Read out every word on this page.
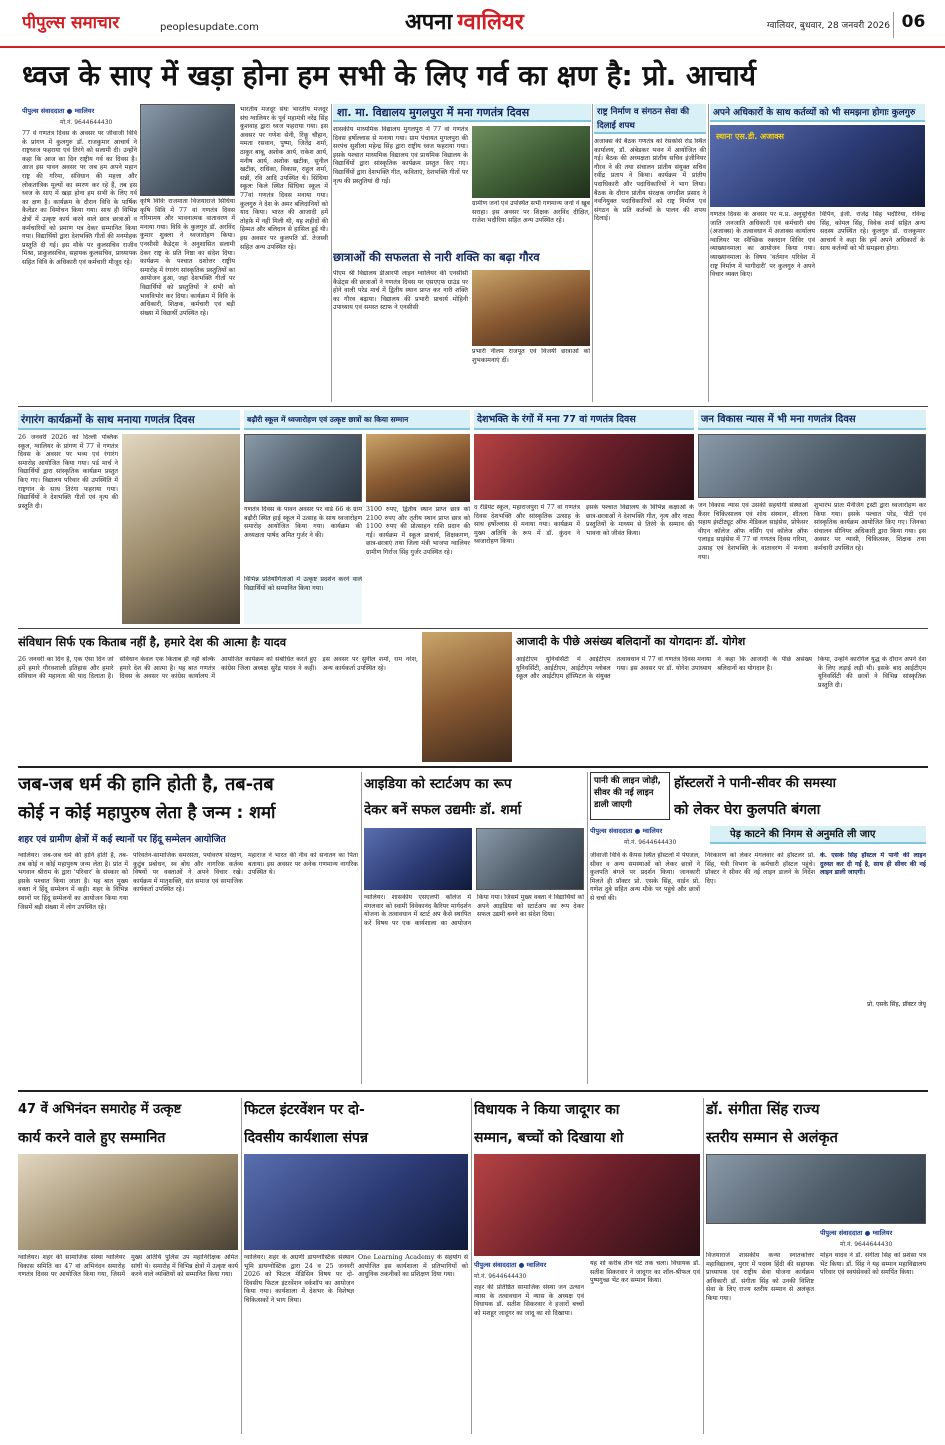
पीपुल्स समाचार	peoplesupdate.com	अपना ग्वालियर	ग्वालियर, बुधवार, 28 जनवरी 2026 06
ध्वज के साए में खड़ा होना हम सभी के लिए गर्व का क्षण है: प्रो. आचार्य
पीपुल्स संवाददाता ● ग्वालियर
मो.नं. 9644644430
77 वें गणतंत्र दिवस के अवसर पर जीवाजी विवि के प्रांगण में कुलगुरु डॉ. राजकुमार आचार्य ने राष्ट्रध्वज फहराया एवं तिरंगे को सलामी दी। उन्होंने कहा कि आज का दिन राष्ट्रीय गर्व का दिवस है। आज इस पावन अवसर पर जब हम अपने महान राष्ट्र की गरिमा, संविधान की महत्ता और लोकतांत्रिक मूल्यों का स्मरण कर रहे हैं, तब इस ध्वज के साए में खड़ा होना हम सभी के लिए गर्व का क्षण है। कार्यक्रम के दौरान विवि के पार्षिक कैलेंडर का विमोचन किया गया। साथ ही विभिन्न क्षेत्रों में उत्कृष्ट कार्य करने वाले छात्र छात्राओं व कर्मचारियों को प्रमाण पत्र देकर सम्मानित किया गया। विद्यार्थियों द्वारा देशभक्ति गीतों की मनमोहक प्रस्तुति दी गई। इस मौके पर कुलसचिव राजीव मिश्रा, प्राकुलसचिव, सहायक कुलसचिव, प्राध्यापक सहित विवि के अधिकारी एवं कर्मचारी मौजूद रहे।
कृषि विविः राजमाता विजयाराजे सिंधिया कृषि विवि में 77 वां गणतंत्र दिवस गरिमामय और भावनात्मक वातावरण में मनाया गया। विवि के कुलगुरु डॉ. अरविंद कुमार शुक्ला ने ध्वजारोहण किया। एनसीसी कैडेट्स ने अनुशासित सलामी देकर राष्ट्र के प्रति निष्ठा का संदेश दिया। कार्यक्रम के पश्चात दशोत्तर राष्ट्रीय समारोह में रंगारंग सांस्कृतिक प्रस्तुतियों का आयोजन हुआ, जहां देशभक्ति गीतों पर विद्यार्थियों को प्रस्तुतियों ने सभी को भावविभोर कर दिया। कार्यक्रम में विवि के अधिकारी, शिक्षक, कर्मचारी एवं बड़ी संख्या में विद्यार्थी उपस्थित रहे।
भारतीय मजदूर संघः भारतीय मजदूर संघ ग्वालियर के पूर्व महामंत्री नरेंद्र सिंह कुशवाह द्वारा ध्वज फहराया गया। इस अवसर पर गणेश सेनी, रिंकू चौहान, ममता रसवान, पुष्पा, जितेंद्र शर्मा, ठाकुर बाबू, अशोक आर्य, राकेश आर्य, मनीष आर्य, अशोक खटीक, सुनील खटीक, राधिका, विकास, राहुल शर्मा, सन्नी, रवि आदि उपस्थित थे। सिंधिया स्कूलः किले स्थित सिंधिया स्कूल में 77वां गणतंत्र दिवस मनाया गया। कुलगुरु ने देश के अमर बलिदानियों को याद किया। भारत की आजादी हमें तोहफ़े में नहीं मिली थी, यह शहीदों की हिम्मत और बलिदान से हासिल हुई थी। इस अवसर पर कुलपति डॉ. तेजस्वी सहित अन्य उपस्थित रहे।
शा. मा. विद्यालय मुगलपुरा में मना गणतंत्र दिवस
शासकीय माध्यमिक विद्यालय मुगलपुरा में 77 वां गणतंत्र दिवस हर्षोल्लास से मनाया गया। ग्राम पंचायत मुगलपुरा की सरपंच सुशीला महेन्द्र सिंह द्वारा राष्ट्रीय ध्वज फहराया गया। इसके पश्चात माध्यमिक विद्यालय एवं प्राथमिक विद्यालय के विद्यार्थियों द्वारा सांस्कृतिक कार्यक्रम प्रस्तुत किए गए। विद्यार्थियों द्वारा देशभक्ति गीत, कविताएं, देशभक्ति गीतों पर नृत्य की प्रस्तुतियां दी गईं।
ग्रामीण जनों एवं उपस्थित सभी गणमान्य जनों ने खूब सराहा। इस अवसर पर शिक्षक अरविंद दीक्षित, राजेश भदौरिया सहित अन्य उपस्थित रहे।
छात्राओं की सफलता से नारी शक्ति का बढ़ा गौरव
पीएम श्री विद्यालय डीआरपी लाइन ग्वालियर की एनसीसी कैडेट्स की छात्राओं ने गणतंत्र दिवस पर एसएएफ ग्राउंड पर होने वाली परेड मार्च में द्वितीय स्थान प्राप्त कर नारी शक्ति का गौरव बढ़ाया। विद्यालय की प्रभारी प्राचार्य मोहिनी उपाध्याय एवं समस्त स्टाफ ने एनसीसी
प्रभारी नीलम राजपूत एवं विजयी छात्राओं को शुभकामनाएं दीं।
राष्ट्र निर्माण व संगठन सेवा की दिलाई शपथ
अजाक्स की बैठक गणतंत्र को रेसकोर्स रोड स्थित कार्यालय, डॉ. अंबेडकर भवन में आयोजित की गई। बैठक की अध्यक्षता प्रांतीय सचिव इंजीनियर गौरव ने की तथा संचालन प्रांतीय संयुक्त सचिव रवींद्र प्रताप ने किया। कार्यक्रम में प्रांतीय पदाधिकारी और पदाधिकारियों ने भाग लिया। बैठक के दौरान प्रांतीय संरक्षक जगदीश प्रसाद ने नवनियुक्त पदाधिकारियों को राष्ट्र निर्माण एवं संगठन के प्रति कर्तव्यों के पालन की शपथ दिलाई।
अपने अधिकारों के साथ कर्तव्यों को भी समझना होगाः कुलगुरु
स्थानः एस.डी. अजाक्स
गणतंत्र दिवस के अवसर पर म.प्र. अनुसूचित जाति जनजाति अधिकारी एवं कर्मचारी संघ (अजाक्स) के तत्वावधान में अजाक्स कार्यालय ग्वालियर पर स्वैच्छिक रक्तदान शिविर एवं व्याख्यानमाला का आयोजन किया गया। व्याख्यानमाला के विषय 'वर्तमान परिवेश में राष्ट्र निर्माण में भागीदारी' पर कुलगुरु ने अपने विचार व्यक्त किए।
विपिन, इंजी. राजेंद्र सिंह भदौरिया, रविन्द्र सिंह, कोमल सिंह, विवेक शर्मा सहित अन्य सदस्य उपस्थित रहे। कुलगुरु डॉ. राजकुमार आचार्य ने कहा कि हमें अपने अधिकारों के साथ कर्तव्यों को भी समझना होगा।
रंगारंग कार्यक्रमों के साथ मनाया गणतंत्र दिवस
26 जनवरी 2026 को दिल्ली पब्लिक स्कूल, ग्वालियर के प्रांगण में 77 वें गणतंत्र दिवस के अवसर पर भव्य एवं रंगारंग समारोह आयोजित किया गया। पर्ड मार्च ने विद्यार्थियों द्वारा सांस्कृतिक कार्यक्रम प्रस्तुत किए गए। विद्यालय परिवार की उपस्थिति में राष्ट्रगान के साथ तिरंगा फहराया गया। विद्यार्थियों ने देशभक्ति गीतों एवं नृत्य की प्रस्तुति दी।
बढ़ौरी स्कूल में ध्वजारोहण एवं उत्कृष्ट छात्रों का किया सम्मान
गणतंत्र दिवस के पावन अवसर पर वार्ड 66 के ग्राम बढ़ौरी स्थित हाई स्कूल में उत्साह के साथ ध्वजारोहण समारोह आयोजित किया गया। कार्यक्रम की अध्यक्षता पार्षद अमित गुर्जर ने की।
3100 रुपए, द्वितीय स्थान प्राप्त छात्र को 2100 रुपए और तृतीय स्थान प्राप्त छात्र को 1100 रुपए की प्रोत्साहन राशि प्रदान की गई। कार्यक्रम में स्कूल प्राचार्य, शिक्षकगण, छात्र-छात्राएं तथा जिला मंत्री भाजपा ग्वालियर ग्रामीण गिर्राज सिंह गुर्जर उपस्थित रहे।
विभिन्न प्रतियोगिताओं में उत्कृष्ट प्रदर्शन करने वाले विद्यार्थियों को सम्मानित किया गया।
देशभक्ति के रंगों में मना 77 वां गणतंत्र दिवस
द रेडियंट स्कूल, महाराजपुरा में 77 वां गणतंत्र दिवस देशभक्ति और सांस्कृतिक उत्साह के साथ हर्षोल्लास से मनाया गया। कार्यक्रम में मुख्य अतिथि के रूप में डॉ. कुंदन ने ध्वजारोहण किया।
इसके पश्चात विद्यालय के विभिन्न कक्षाओं के छात्र-छात्राओं ने देशभक्ति गीत, नृत्य और नाट्य प्रस्तुतियों के माध्यम से तिरंगे के सम्मान की भावना को जीवंत किया।
जन विकास न्यास में भी मना गणतंत्र दिवस
जन विकास न्यास एवं उसकी सहयोगी संस्थाओं कैंसर चिकित्सालय एवं शोध संस्थान, शीतला सहाय इंस्टीट्यूट ऑफ मेडिकल साइंसेस, प्रोफेसर वीएन कॉलेज ऑफ नर्सिंग एवं कॉलेज ऑफ एलाइड साइंसेस में 77 वां गणतंत्र दिवस गरिमा, उत्साह एवं देशभक्ति के वातावरण में मनाया गया।
शुभारंभ प्रातः मैनेजिंग ट्रस्टी द्वारा ध्वजारोहण कर किया गया। इसके पश्चात परेड, पीटी एवं सांस्कृतिक कार्यक्रम आयोजित किए गए। जिनका संचालन सीनियर अधिकारी द्वारा किया गया। इस अवसर पर न्यासी, चिकित्सक, शिक्षक तथा कर्मचारी उपस्थित रहे।
संविधान सिर्फ एक किताब नहीं है, हमारे देश की आत्मा हैः यादव
26 जनवरी का दिन है, एक ऐसा दिन जो हमें हमारे गौरवशाली इतिहास और हमारे संविधान की महानता की याद दिलाता है। संविधान केवल एक किताब ही नहीं बल्कि हमारे देश की आत्मा है। यह बात गणतंत्र दिवस के अवसर पर कांग्रेस कार्यालय में आयोजित कार्यक्रम को संबोधित करते हुए कांग्रेस जिला अध्यक्ष सुरेंद्र यादव ने कही। इस अवसर पर सुनील शर्मा, राम नरेश, अन्य कार्यकर्ता उपस्थित रहे।
आजादी के पीछे असंख्य बलिदानों का योगदानः डॉ. योगेश
आईटीएम यूनिवर्सिटी में आईटीएम यूनिवर्सिटी, आईटीएम, आईटीएम ग्लोबल स्कूल और आईटीएम हॉस्पिटल के संयुक्त तत्वावधान में 77 वां गणतंत्र दिवस मनाया गया। इस अवसर पर डॉ. योगेश उपाध्याय ने कहा कि आजादी के पीछे असंख्य बलिदानों का योगदान है।
किया, उन्होंने कारगिल युद्ध के दौरान अपने देश के लिए लड़ाई लड़ी थी। इसके बाद आईटीएम यूनिवर्सिटी की छात्रों ने विभिन्न सांस्कृतिक प्रस्तुति दी।
जब-जब धर्म की हानि होती है, तब-तब
कोई न कोई महापुरुष लेता है जन्म : शर्मा
शहर एवं ग्रामीण क्षेत्रों में कई स्थानों पर हिंदू सम्मेलन आयोजित
ग्वालियर। जब-जब धर्म की हानि होती है, तब-तब कोई न कोई महापुरुष जन्म लेता है। प्रांत में भगवान श्रीराम के द्वारा 'परिवार' के संस्कार को इसके पश्चात किया जाता है। यह बात मुख्य वक्ता ने हिंदू सम्मेलन में कही। शहर के विभिन्न स्थानों पर हिंदू सम्मेलनों का आयोजन किया गया जिसमें बड़ी संख्या में लोग उपस्थित रहे।
परिवर्तन-सामाजिक समरसता, पर्यावरण संरक्षण, कुटुंब प्रबोधन, स्व बोध और नागरिक कर्तव्य विषयों पर वक्ताओं ने अपने विचार रखे। कार्यक्रम में मातृशक्ति, संत समाज एवं सामाजिक कार्यकर्ता उपस्थित रहे।
महाराज ने भारत की नींव को सनातन का पिता बताया। इस अवसर पर अनेक गणमान्य नागरिक उपस्थित थे।
आइडिया को स्टार्टअप का रूप
देकर बनें सफल उद्यमीः डॉ. शर्मा
ग्वालियर। शासकीय एसएलपी कॉलेज में मंगलवार को स्वामी विवेकानंद कैरियर मार्गदर्शन योजना के तत्वावधान में स्टार्ट अप कैसे स्थापित करें विषय पर एक कार्यशाला का आयोजन किया गया। जिसमें मुख्य वक्ता ने विद्यार्थियों को अपने आइडिया को स्टार्टअप का रूप देकर सफल उद्यमी बनने का संदेश दिया।
पानी की लाइन जोड़ी, सीवर की नई लाइन डाली जाएगी
हॉस्टलरों ने पानी-सीवर की समस्या
को लेकर घेरा कुलपति बंगला
पीपुल्स संवाददाता ● ग्वालियर
मो.नं. 9644644430
पेड़ काटने की निगम से अनुमति ली जाए
जीवाजी विवि के कैंपस स्थित हॉस्टलों में पेयजल, सीवर व अन्य समस्याओं को लेकर छात्रों ने कुलपति बंगले पर प्रदर्शन किया। जानकारी मिलते ही प्रॉक्टर प्रो. एसके सिंह, वार्डन प्रो. गणेश दुबे सहित अन्य मौके पर पहुंचे और छात्रों से चर्चा की।
निरंकारण को लेकर मंगलवार को हॉस्टलर प्रो. सिंह, यंत्री विभाग के कर्मचारी हॉस्टल पहुंचे। प्रॉक्टर ने सीवर की नई लाइन डालने के निर्देश दिए।
के. एसके सिंह हॉस्टल में पानी की लाइन दुरुस्त कर दी गई है, साथ ही सीवर की नई लाइन डाली जाएगी।
प्रो. एसके सिंह, प्रॉक्टर जेयू
47 वें अभिनंदन समारोह में उत्कृष्ट
कार्य करने वाले हुए सम्मानित
ग्वालियर। शहर की सामाजिक संस्था ग्वालियर विकास समिति का 47 वां अभिनंदन समारोह गणतंत्र दिवस पर आयोजित किया गया, जिसमें मुख्य अतिथि पुलिस उप महानिरीक्षक अमित सांघी थे। समारोह में विभिन्न क्षेत्रों में उत्कृष्ट कार्य करने वाले व्यक्तियों को सम्मानित किया गया।
फिटल इंटरवेंशन पर दो-
दिवसीय कार्यशाला संपन्न
ग्वालियर। शहर के अग्रणी डायग्नोस्टिक संस्थान भूमि डायग्नोस्टिक द्वारा 24 व 25 जनवरी 2026 को फिटल मेडिसिन विषय पर दो-दिवसीय फिटल इंटरवेंशन वर्कशॉप का आयोजन किया गया। कार्यशाला में देशभर के विशेषज्ञ चिकित्सकों ने भाग लिया।
One Learning Academy के सहयोग से आयोजित इस कार्यशाला में प्रतिभागियों को आधुनिक तकनीकों का प्रशिक्षण दिया गया।
विधायक ने किया जादूगर का
सम्मान, बच्चों को दिखाया शो
पीपुल्स संवाददाता ● ग्वालियर
मो.नं. 9644644430
शहर की प्रतिष्ठित सामाजिक संस्था जन उत्थान न्यास के तत्वावधान में न्यास के अध्यक्ष एवं विधायक डॉ. सतीश सिकरवार ने हजारों बच्चों को मशहूर जादूगर का जादू का शो दिखाया।
यह शो करीब तीन घंटे तक चला। विधायक डॉ. सतीश सिकरवार ने जादूगर का शॉल-श्रीफल एवं पुष्पगुच्छ भेंट कर सम्मान किया।
डॉ. संगीता सिंह राज्य
स्तरीय सम्मान से अलंकृत
पीपुल्स संवाददाता ● ग्वालियर
मो.नं. 9644644430
विजयाराजे शासकीय कन्या स्नातकोत्तर महाविद्यालय, मुरार में पदस्थ हिंदी की सहायक प्राध्यापक एवं राष्ट्रीय सेवा योजना कार्यक्रम अधिकारी डॉ. संगीता सिंह को उनकी विशिष्ट सेवा के लिए राज्य स्तरीय सम्मान से अलंकृत किया गया।
मोहन यादव ने डॉ. संगीता सिंह को प्रशंसा पत्र भेंट किया। डॉ. सिंह ने यह सम्मान महाविद्यालय परिवार एवं स्वयंसेवकों को समर्पित किया।
